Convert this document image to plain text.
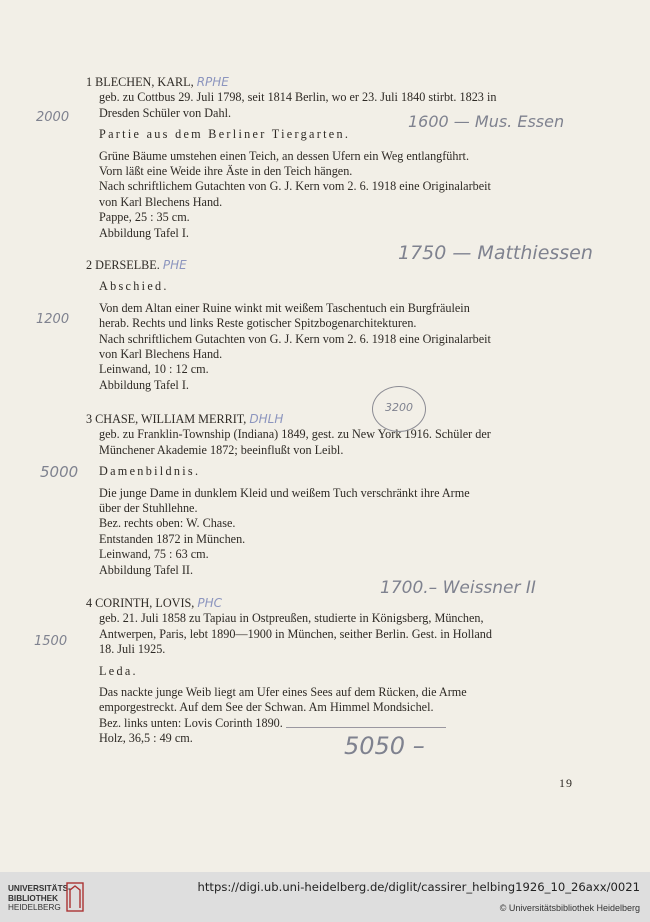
1 BLECHEN, KARL, RPHE
geb. zu Cottbus 29. Juli 1798, seit 1814 Berlin, wo er 23. Juli 1840 stirbt. 1823 in
Dresden Schüler von Dahl.
Partie aus dem Berliner Tiergarten.
Grüne Bäume umstehen einen Teich, an dessen Ufern ein Weg entlangführt.
Vorn läßt eine Weide ihre Äste in den Teich hängen.
Nach schriftlichem Gutachten von G. J. Kern vom 2. 6. 1918 eine Originalarbeit
von Karl Blechens Hand.
Pappe, 25 : 35 cm.
Abbildung Tafel I.
2 DERSELBE. PHE
Abschied.
Von dem Altan einer Ruine winkt mit weißem Taschentuch ein Burgfräulein
herab. Rechts und links Reste gotischer Spitzbogenarchitekturen.
Nach schriftlichem Gutachten von G. J. Kern vom 2. 6. 1918 eine Originalarbeit
von Karl Blechens Hand.
Leinwand, 10 : 12 cm.
Abbildung Tafel I.
3 CHASE, WILLIAM MERRIT, DHLH
geb. zu Franklin-Township (Indiana) 1849, gest. zu New York 1916. Schüler der
Münchener Akademie 1872; beeinflußt von Leibl.
Damenbildnis.
Die junge Dame in dunklem Kleid und weißem Tuch verschränkt ihre Arme
über der Stuhllehne.
Bez. rechts oben: W. Chase.
Entstanden 1872 in München.
Leinwand, 75 : 63 cm.
Abbildung Tafel II.
4 CORINTH, LOVIS, PHC
geb. 21. Juli 1858 zu Tapiau in Ostpreußen, studierte in Königsberg, München,
Antwerpen, Paris, lebt 1890—1900 in München, seither Berlin. Gest. in Holland
18. Juli 1925.
Leda.
Das nackte junge Weib liegt am Ufer eines Sees auf dem Rücken, die Arme
emporgestreckt. Auf dem See der Schwan. Am Himmel Mondsichel.
Bez. links unten: Lovis Corinth 1890.
Holz, 36,5 : 49 cm.
2000	1600 — Mus. Essen
1200
1750 — Matthiessen
5000
3200
1500
1700.– Weissner II
5050 –
19
UNIVERSITÄTS-
BIBLIOTHEK
HEIDELBERG
https://digi.ub.uni-heidelberg.de/diglit/cassirer_helbing1926_10_26axx/0021
© Universitätsbibliothek Heidelberg
